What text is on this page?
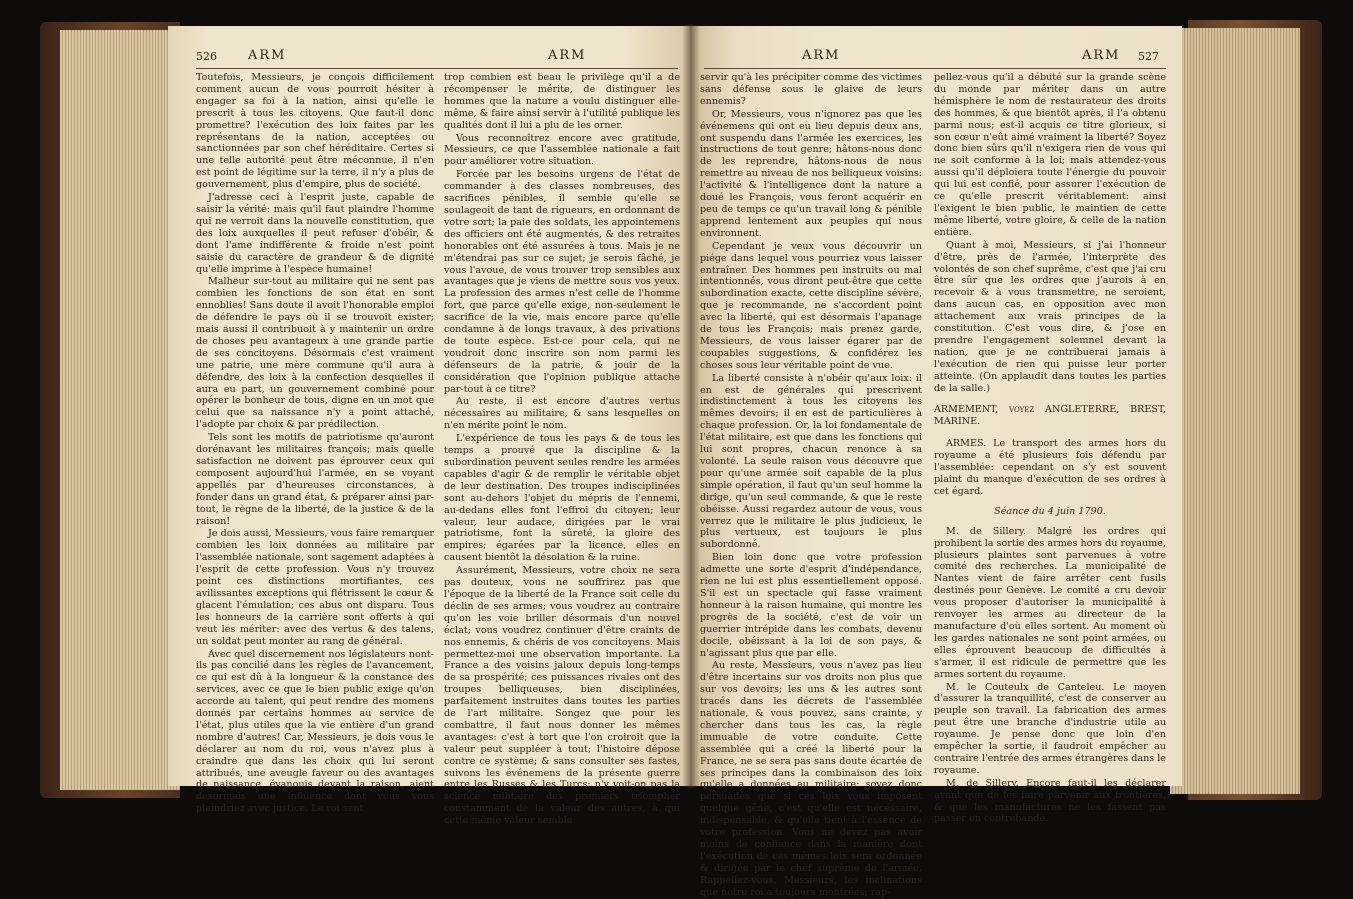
526 ARM	ARM

Toutefois, Messieurs, je conçois difficilement comment aucun de vous pourroit hésiter à engager sa foi à la nation, ainsi qu'elle le prescrit à tous les citoyens. Que faut-il donc promettre? l'exécution des loix faites par les représentans de la nation, acceptées ou sanctionnées par son chef héréditaire. Certes si une telle autorité peut être méconnue, il n'en est point de légitime sur la terre, il n'y a plus de gouvernement, plus d'empire, plus de société.

J'adresse ceci à l'esprit juste, capable de saisir la vérité: mais qu'il faut plaindre l'homme qui ne verroit dans la nouvelle constitution, que des loix auxquelles il peut refuser d'obéir, & dont l'ame indifférente & froide n'est point saisie du caractère de grandeur & de dignité qu'elle imprime à l'espèce humaine!

Malheur sur-tout au militaire qui ne sent pas combien les fonctions de son état en sont ennoblies! Sans doute il avoit l'honorable emploi de défendre le pays où il se trouvoit exister; mais aussi il contribuoit à y maintenir un ordre de choses peu avantageux à une grande partie de ses concitoyens. Désormais c'est vraiment une patrie, une mère commune qu'il aura à défendre, des loix à la confection desquelles il aura eu part, un gouvernement combiné pour opérer le bonheur de tous, digne en un mot que celui que sa naissance n'y a point attaché, l'adopte par choix & par prédilection.

Tels sont les motifs de patriotisme qu'auront dorénavant les militaires françois; mais quelle satisfaction ne doivent pas éprouver ceux qui composent aujourd'hui l'armée, en se voyant appellés par d'heureuses circonstances, à fonder dans un grand état, & préparer ainsi par-tout, le règne de la liberté, de la justice & de la raison!

Je dois aussi, Messieurs, vous faire remarquer combien les loix données au militaire par l'assemblée nationale, sont sagement adaptées à l'esprit de cette profession. Vous n'y trouvez point ces distinctions mortifiantes, ces avilissantes exceptions qui flétrissent le cœur & glacent l'émulation; ces abus ont disparu. Tous les honneurs de la carrière sont offerts à qui veut les mériter: avec des vertus & des talens, un soldat peut monter au rang de général.

Avec quel discernement nos législateurs nont-ils pas concilié dans les règles de l'avancement, ce qui est dû à la longueur & la constance des services, avec ce que le bien public exige qu'on accorde au talent, qui peut rendre des momens donnés par certains hommes au service de l'état, plus utiles que la vie entière d'un grand nombre d'autres! Car, Messieurs, je dois vous le déclarer au nom du roi, vous n'avez plus à craindre que dans les choix qui lui seront attribués, une aveugle faveur ou des avantages de naissance, évanouis devant la raison, aient désormais une influence dont vous vous plaindriez avec justice. Le roi sent

trop combien est beau le privilège qu'il a de récompenser le mérite, de distinguer les hommes que la nature a voulu distinguer elle-même, & faire ainsi servir à l'utilité publique les qualités dont il lui a plu de les orner.

Vous reconnoîtrez encore avec gratitude, Messieurs, ce que l'assemblée nationale a fait pour améliorer votre situation.

Forcée par les besoins urgens de l'état de commander à des classes nombreuses, des sacrifices pénibles, il semble qu'elle se soulageoit de tant de rigueurs, en ordonnant de votre sort; la paie des soldats, les appointemens des officiers ont été augmentés, & des retraites honorables ont été assurées à tous. Mais je ne m'étendrai pas sur ce sujet; je serois fâché, je vous l'avoue, de vous trouver trop sensibles aux avantages que je viens de mettre sous vos yeux. La profession des armes n'est celle de l'homme fort, que parce qu'elle exige, non-seulement le sacrifice de la vie, mais encore parce qu'elle condamne à de longs travaux, à des privations de toute espèce. Est-ce pour cela, qui ne voudroit donc inscrire son nom parmi les défenseurs de la patrie, & jouir de la considération que l'opinion publique attache par-tout à ce titre?

Au reste, il est encore d'autres vertus nécessaires au militaire, & sans lesquelles on n'en mérite point le nom.

L'expérience de tous les pays & de tous les temps a prouvé que la discipline & la subordination peuvent seules rendre les armées capables d'agir & de remplir le véritable objet de leur destination. Des troupes indisciplinées sont au-dehors l'objet du mépris de l'ennemi, au-dedans elles font l'effroi du citoyen; leur valeur, leur audace, dirigées par le vrai patriotisme, font la sûreté, la gloire des empires; égarées par la licence, elles en causent bientôt la désolation & la ruine.

Assurément, Messieurs, votre choix ne sera pas douteux, vous ne souffrirez pas que l'époque de la liberté de la France soit celle du déclin de ses armes; vous voudrez au contraire qu'on les voie briller désormais d'un nouvel éclat; vous voudrez continuer d'être craints de nos ennemis, & chéris de vos concitoyens. Mais permettez-moi une observation importante. La France a des voisins jaloux depuis long-temps de sa prospérité; ces puissances rivales ont des troupes belliqueuses, bien disciplinées, parfaitement instruites dans toutes les parties de l'art militaire. Songez que pour les combattre, il faut nous donner les mêmes avantages: c'est à tort que l'on croiroit que la valeur peut suppléer à tout; l'histoire dépose contre ce système; & sans consulter ses fastes, suivons les événemens de la présente guerre entre les Russes & les Turcs: n'y voit-on pas la science militaire des premiers triompher constamment de la valeur des autres, à qui cette même valeur semble

ARM	ARM 527

servir qu'à les précipiter comme des victimes sans défense sous le glaive de leurs ennemis?

Or, Messieurs, vous n'ignorez pas que les événemens qui ont eu lieu depuis deux ans, ont suspendu dans l'armée les exercices, les instructions de tout genre; hâtons-nous donc de les reprendre, hâtons-nous de nous remettre au niveau de nos belliqueux voisins: l'activité & l'intelligence dont la nature a doué les François, vous feront acquérir en peu de temps ce qu'un travail long & pénible apprend lentement aux peuples qui nous environnent.

Cependant je veux vous découvrir un piége dans lequel vous pourriez vous laisser entraîner. Des hommes peu instruits ou mal intentionnés, vous diront peut-être que cette subordination exacte, cette discipline sévère, que je recommande, ne s'accordent point avec la liberté, qui est désormais l'apanage de tous les François; mais prenez garde, Messieurs, de vous laisser égarer par de coupables suggestions, & confidérez les choses sous leur véritable point de vue.

La liberté consiste à n'obéir qu'aux loix: il en est de générales qui prescrivent indistinctement à tous les citoyens les mêmes devoirs; il en est de particulières à chaque profession. Or, la loi fondamentale de l'état militaire, est que dans les fonctions qui lui sont propres, chacun renonce à sa volonté. La seule raison vous découvre que pour qu'une armée soit capable de la plus simple opération, il faut qu'un seul homme la dirige, qu'un seul commande, & que le reste obéisse. Aussi regardez autour de vous, vous verrez que le militaire le plus judicieux, le plus vertueux, est toujours le plus subordonné.

Bien loin donc que votre profession admette une sorte d'esprit d'indépendance, rien ne lui est plus essentiellement opposé. S'il est un spectacle qui fasse vraiment honneur à la raison humaine, qui montre les progrès de la société, c'est de voir un guerrier intrépide dans les combats, devenu docile, obéissant à la loi de son pays, & n'agissant plus que par elle.

Au reste, Messieurs, vous n'avez pas lieu d'être incertains sur vos droits non plus que sur vos devoirs; les uns & les autres sont tracés dans les décrets de l'assemblée nationale, & vous pouvez, sans crainte, y chercher dans tous les cas, la règle immuable de votre conduite. Cette assemblée qui a créé la liberté pour la France, ne se sera pas sans doute écartée de ses principes dans la combinaison des loix qu'elle a données au militaire: soyez donc persuadés que si ces loix vous imposent quelque gêne, c'est qu'elle est nécessaire, indispensable, & qu'elle tient à l'essence de votre profession. Vous ne devez pas avoir moins de confiance dans la manière dont l'exécution de ces mêmes loix sera ordonnée & dirigée par le chef suprême de l'armée. Rappellez-vous, Messieurs, les inclinations que notre roi a toujours montrées; rap-

pellez-vous qu'il a débuté sur la grande scène du monde par mériter dans un autre hémisphère le nom de restaurateur des droits des hommes, & que bientôt après, il l'a obtenu parmi nous; est-il acquis ce titre glorieux, si son cœur n'eût aimé vraiment la liberté? Soyez donc bien sûrs qu'il n'exigera rien de vous qui ne soit conforme à la loi; mais attendez-vous aussi qu'il déploiera toute l'énergie du pouvoir qui lui est confié, pour assurer l'exécution de ce qu'elle prescrit véritablement: ainsi l'exigent le bien public, le maintien de cette même liberté, votre gloire, & celle de la nation entière.

Quant à moi, Messieurs, si j'ai l'honneur d'être, près de l'armée, l'interprète des volontés de son chef suprême, c'est que j'ai cru être sûr que les ordres que j'aurois à en recevoir & à vous transmettre, ne seroient, dans aucun cas, en opposition avec mon attachement aux vrais principes de la constitution. C'est vous dire, & j'ose en prendre l'engagement solemnel devant la nation, que je ne contribuerai jamais à l'exécution de rien qui puisse leur porter atteinte. (On applaudit dans toutes les parties de la salle.)

ARMEMENT, voyez ANGLETERRE, BREST, MARINE.

ARMES. Le transport des armes hors du royaume a été plusieurs fois défendu par l'assemblée: cependant on s'y est souvent plaint du manque d'exécution de ses ordres à cet égard.

Séance du 4 juin 1790.

M. de Sillery. Malgré les ordres qui prohibent la sortie des armes hors du royaume, plusieurs plaintes sont parvenues à votre comité des recherches. La municipalité de Nantes vient de faire arrêter cent fusils destinés pour Genève. Le comité a cru devoir vous proposer d'autoriser la municipalité à renvoyer les armes au directeur de la manufacture d'où elles sortent. Au moment où les gardes nationales ne sont point armées, ou elles éprouvent beaucoup de difficultés à s'armer, il est ridicule de permettre que les armes sortent du royaume.

M. le Couteulx de Canteleu. Le moyen d'assurer la tranquillité, c'est de conserver au peuple son travail. La fabrication des armes peut être une branche d'industrie utile au royaume. Je pense donc que loin d'en empêcher la sortie, il faudroit empêcher au contraire l'entrée des armes étrangères dans le royaume.

M. de Sillery. Encore faut-il les déclarer avant que de les faire parvenir aux frontières, & que les manufactures ne les fassent pas passer en contrebande.
